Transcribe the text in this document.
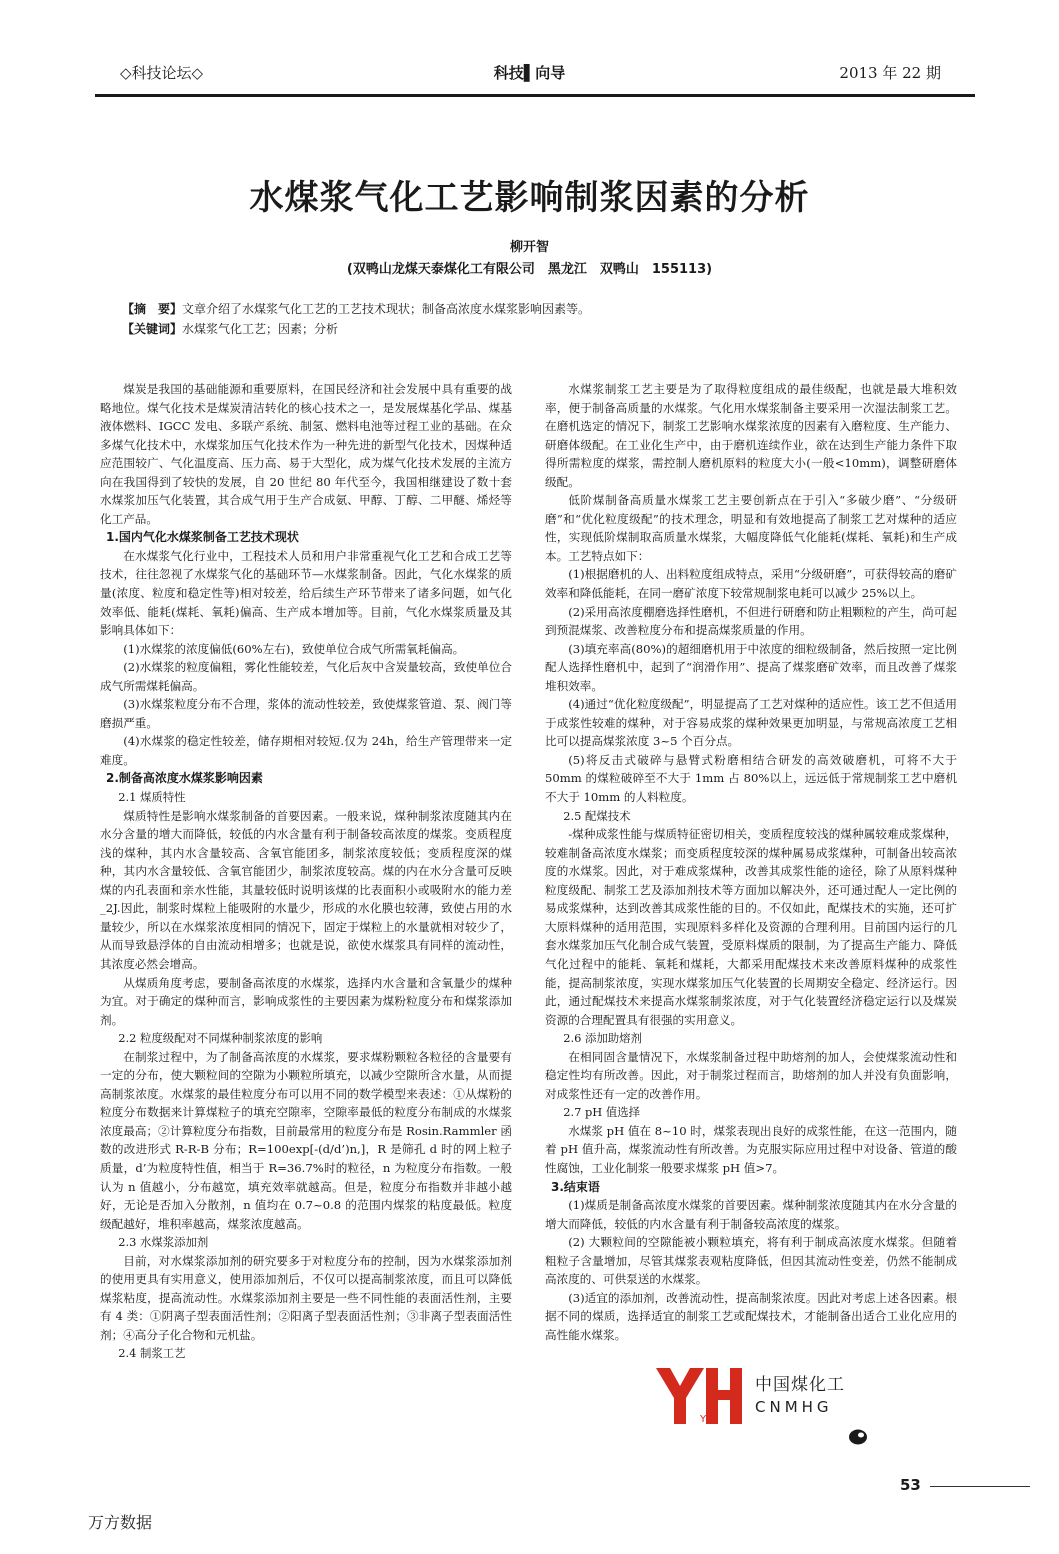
◇科技论坛◇	科技▌向导	2013 年 22 期
水煤浆气化工艺影响制浆因素的分析
柳开智
(双鸭山龙煤天泰煤化工有限公司　黑龙江　双鸭山　155113)
【摘　要】文章介绍了水煤浆气化工艺的工艺技术现状；制备高浓度水煤浆影响因素等。
【关键词】水煤浆气化工艺；因素；分析

煤炭是我国的基础能源和重要原料，在国民经济和社会发展中具有重要的战略地位。煤气化技术是煤炭清洁转化的核心技术之一，是发展煤基化学品、煤基液体燃料、IGCC 发电、多联产系统、制氢、燃料电池等过程工业的基础。在众多煤气化技术中，水煤浆加压气化技术作为一种先进的新型气化技术，因煤种适应范围较广、气化温度高、压力高、易于大型化，成为煤气化技术发展的主流方向在我国得到了较快的发展，自 20 世纪 80 年代至今，我国相继建设了数十套水煤浆加压气化装置，其合成气用于生产合成氨、甲醇、丁醇、二甲醚、烯烃等化工产品。

1.国内气化水煤浆制备工艺技术现状

在水煤浆气化行业中，工程技术人员和用户非常重视气化工艺和合成工艺等技术，往往忽视了水煤浆气化的基础环节—水煤浆制备。因此，气化水煤浆的质量(浓度、粒度和稳定性等)相对较差，给后续生产环节带来了诸多问题，如气化效率低、能耗(煤耗、氧耗)偏高、生产成本增加等。目前，气化水煤浆质量及其影响具体如下：

(1)水煤浆的浓度偏低(60%左右)，致使单位合成气所需氧耗偏高。

(2)水煤浆的粒度偏粗，雾化性能较差，气化后灰中含炭量较高，致使单位合成气所需煤耗偏高。

(3)水煤浆粒度分布不合理，浆体的流动性较差，致使煤浆管道、泵、阀门等磨损严重。

(4)水煤浆的稳定性较差，储存期相对较短.仅为 24h，给生产管理带来一定难度。

2.制备高浓度水煤浆影响因素
2.1 煤质特性

煤质特性是影响水煤浆制备的首要因素。一般来说，煤种制浆浓度随其内在水分含量的增大而降低，较低的内水含量有利于制备较高浓度的煤浆。变质程度浅的煤种，其内水含量较高、含氧官能团多，制浆浓度较低；变质程度深的煤种，其内水含量较低、含氧官能团少，制浆浓度较高。煤的内在水分含量可反映煤的内孔表面和亲水性能，其量较低时说明该煤的比表面积小或吸附水的能力差 _2J.因此，制浆时煤粒上能吸附的水量少，形成的水化膜也较薄，致使占用的水量较少，所以在水煤浆浓度相同的情况下，固定于煤粒上的水量就相对较少了，从而导致悬浮体的自由流动相增多；也就是说，欲使水煤浆具有同样的流动性，其浓度必然会增高。

从煤质角度考虑，要制备高浓度的水煤浆，选择内水含量和含氧量少的煤种为宜。对于确定的煤种而言，影响成浆性的主要因素为煤粉粒度分布和煤浆添加剂。

2.2 粒度级配对不同煤种制浆浓度的影响

在制浆过程中，为了制备高浓度的水煤浆，要求煤粉颗粒各粒径的含量要有一定的分布，使大颗粒间的空隙为小颗粒所填充，以减少空隙所含水量，从而提高制浆浓度。水煤浆的最佳粒度分布可以用不同的数学模型来表述：①从煤粉的粒度分布数据来计算煤粒子的填充空隙率，空隙率最低的粒度分布制成的水煤浆浓度最高；②计算粒度分布指数，目前最常用的粒度分布是 Rosin.Rammler 函数的改进形式 R-R-B 分布；R=100exp[-(d/d’)n,]，R 是筛孔 d 时的网上粒子质量，d’为粒度特性值，相当于 R=36.7%时的粒径，n 为粒度分布指数。一般认为 n 值越小，分布越宽，填充效率就越高。但是，粒度分布指数并非越小越好，无论是否加入分散剂，n 值均在 0.7~0.8 的范围内煤浆的粘度最低。粒度级配越好，堆积率越高，煤浆浓度越高。

2.3 水煤浆添加剂

目前，对水煤浆添加剂的研究要多于对粒度分布的控制，因为水煤浆添加剂的使用更具有实用意义，使用添加剂后，不仅可以提高制浆浓度，而且可以降低煤浆粘度，提高流动性。水煤浆添加剂主要是一些不同性能的表面活性剂，主要有 4 类：①阴离子型表面活性剂；②阳离子型表面活性剂；③非离子型表面活性剂；④高分子化合物和元机盐。

2.4 制浆工艺

水煤浆制浆工艺主要是为了取得粒度组成的最佳级配，也就是最大堆积效率，便于制备高质量的水煤浆。气化用水煤浆制备主要采用一次湿法制浆工艺。在磨机选定的情况下，制浆工艺影响水煤浆浓度的因素有入磨粒度、生产能力、研磨体级配。在工业化生产中，由于磨机连续作业，欲在达到生产能力条件下取得所需粒度的煤浆，需控制人磨机原料的粒度大小(一般<10mm)，调整研磨体级配。

低阶煤制备高质量水煤浆工艺主要创新点在于引入“多破少磨”、“分级研磨”和“优化粒度级配”的技术理念，明显和有效地提高了制浆工艺对煤种的适应性，实现低阶煤制取高质量水煤浆，大幅度降低气化能耗(煤耗、氧耗)和生产成本。工艺特点如下：

(1)根据磨机的人、出料粒度组成特点，采用“分级研磨”，可获得较高的磨矿效率和降低能耗，在同一磨矿浓度下较常规制浆电耗可以减少 25%以上。

(2)采用高浓度棚磨选择性磨机，不但进行研磨和防止粗颗粒的产生，尚可起到预混煤浆、改善粒度分布和提高煤浆质量的作用。

(3)填充率高(80%)的超细磨机用于中浓度的细粒级制备，然后按照一定比例配人选择性磨机中，起到了“润滑作用”、提高了煤浆磨矿效率，而且改善了煤浆堆积效率。

(4)通过“优化粒度级配”，明显提高了工艺对煤种的适应性。该工艺不但适用于成浆性较难的煤种，对于容易成浆的煤种效果更加明显，与常规高浓度工艺相比可以提高煤浆浓度 3~5 个百分点。

(5)将反击式破碎与悬臂式粉磨相结合研发的高效破磨机，可将不大于 50mm 的煤粒破碎至不大于 1mm 占 80%以上，远远低于常规制浆工艺中磨机不大于 10mm 的人料粒度。

2.5 配煤技术

-煤种成浆性能与煤质特征密切相关，变质程度较浅的煤种属较难成浆煤种，较难制备高浓度水煤浆；而变质程度较深的煤种属易成浆煤种，可制备出较高浓度的水煤浆。因此，对于难成浆煤种，改善其成浆性能的途径，除了从原料煤种粒度级配、制浆工艺及添加剂技术等方面加以解决外，还可通过配人一定比例的易成浆煤种，达到改善其成浆性能的目的。不仅如此，配煤技术的实施，还可扩大原料煤种的适用范围，实现原料多样化及资源的合理利用。目前国内运行的几套水煤浆加压气化制合成气装置，受原料煤质的限制，为了提高生产能力、降低气化过程中的能耗、氧耗和煤耗，大都采用配煤技术来改善原料煤种的成浆性能，提高制浆浓度，实现水煤浆加压气化装置的长周期安全稳定、经济运行。因此，通过配煤技术来提高水煤浆制浆浓度，对于气化装置经济稳定运行以及煤炭资源的合理配置具有很强的实用意义。

2.6 添加助熔剂

在相同固含量情况下，水煤浆制备过程中助熔剂的加人，会使煤浆流动性和稳定性均有所改善。因此，对于制浆过程而言，助熔剂的加人并没有负面影响，对成浆性还有一定的改善作用。

2.7 pH 值选择

水煤浆 pH 值在 8~10 时，煤浆表现出良好的成浆性能，在这一范围内，随着 pH 值升高，煤浆流动性有所改善。为克服实际应用过程中对设备、管道的酸性腐蚀，工业化制浆一般要求煤浆 pH 值>7。

3.结束语

(1)煤质是制备高浓度水煤浆的首要因素。煤种制浆浓度随其内在水分含量的增大而降低，较低的内水含量有利于制备较高浓度的煤浆。

(2) 大颗粒间的空隙能被小颗粒填充，将有利于制成高浓度水煤浆。但随着粗粒子含量增加，尽管其煤浆表观粘度降低，但因其流动性变差，仍然不能制成高浓度的、可供泵送的水煤浆。

(3)适宜的添加剂，改善流动性，提高制浆浓度。因此对考虑上述各因素。根据不同的煤质，选择适宜的制浆工艺或配煤技术，才能制备出适合工业化应用的高性能水煤浆。

YH
中国煤化工
CNMHG
53
万方数据
